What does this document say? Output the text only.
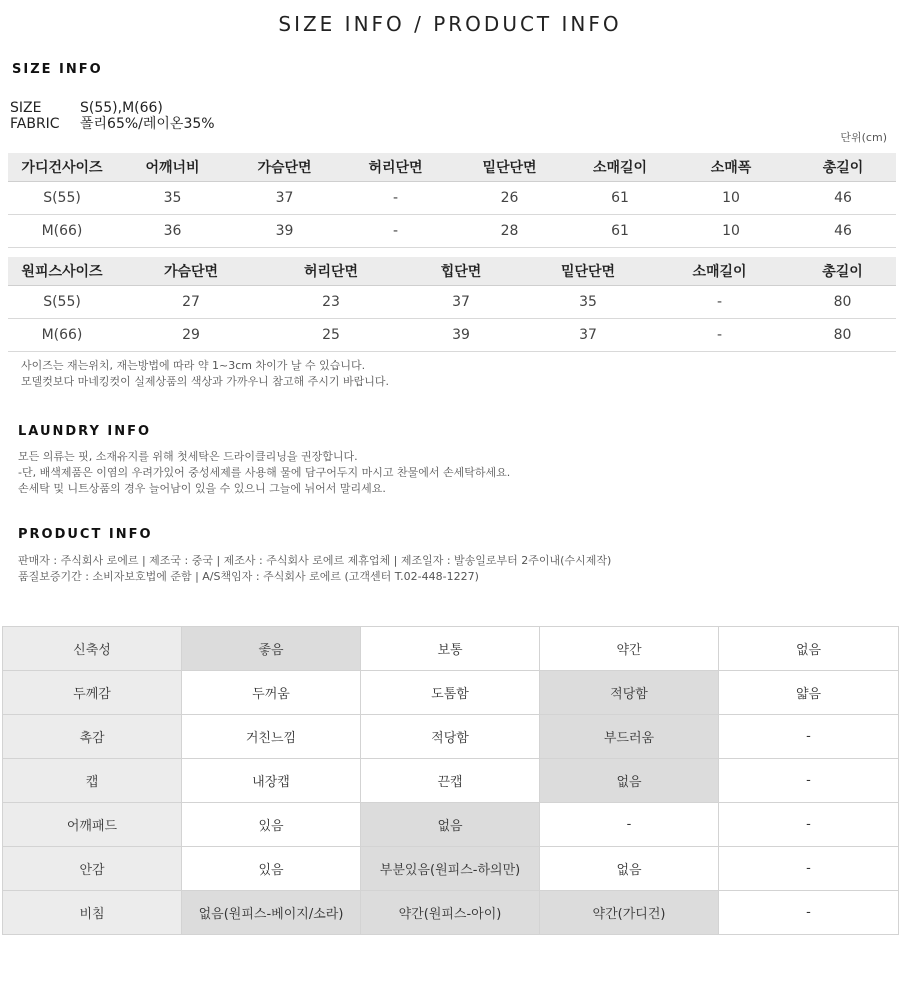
SIZE INFO / PRODUCT INFO
SIZE INFO
SIZE	S(55),M(66)
FABRIC 폴리65%/레이온35%
단위(cm)
가디건사이즈	어깨너비	가슴단면	허리단면	밑단단면	소매길이	소매폭	총길이
S(55)	35	37	-	26	61	10	46
M(66)	36	39	-	28	61	10	46
원피스사이즈	가슴단면	허리단면	힙단면	밑단단면	소매길이	총길이
S(55)	27	23	37	35	-	80
M(66)	29	25	39	37	-	80
사이즈는 재는위치, 재는방법에 따라 약 1~3cm 차이가 날 수 있습니다.
모델컷보다 마네킹컷이 실제상품의 색상과 가까우니 참고해 주시기 바랍니다.
LAUNDRY INFO
모든 의류는 핏, 소재유지를 위해 첫세탁은 드라이클리닝을 권장합니다.
-단, 배색제품은 이염의 우려가있어 중성세제를 사용해 물에 담구어두지 마시고 찬물에서 손세탁하세요.
손세탁 및 니트상품의 경우 늘어남이 있을 수 있으니 그늘에 뉘어서 말리세요.
PRODUCT INFO
판매자 : 주식회사 로에르 | 제조국 : 중국 | 제조사 : 주식회사 로에르 제휴업체 | 제조일자 : 발송일로부터 2주이내(수시제작)
품질보증기간 : 소비자보호법에 준함 | A/S책임자 : 주식회사 로에르 (고객센터 T.02-448-1227)
신축성	좋음	보통	약간	없음
두께감	두꺼움	도톰함	적당함	얇음
촉감	거친느낌	적당함	부드러움	-
캡	내장캡	끈캡	없음	-
어깨패드	있음	없음	-	-
안감	있음	부분있음(원피스-하의만)	없음	-
비침	없음(원피스-베이지/소라)	약간(원피스-아이)	약간(가디건)	-
